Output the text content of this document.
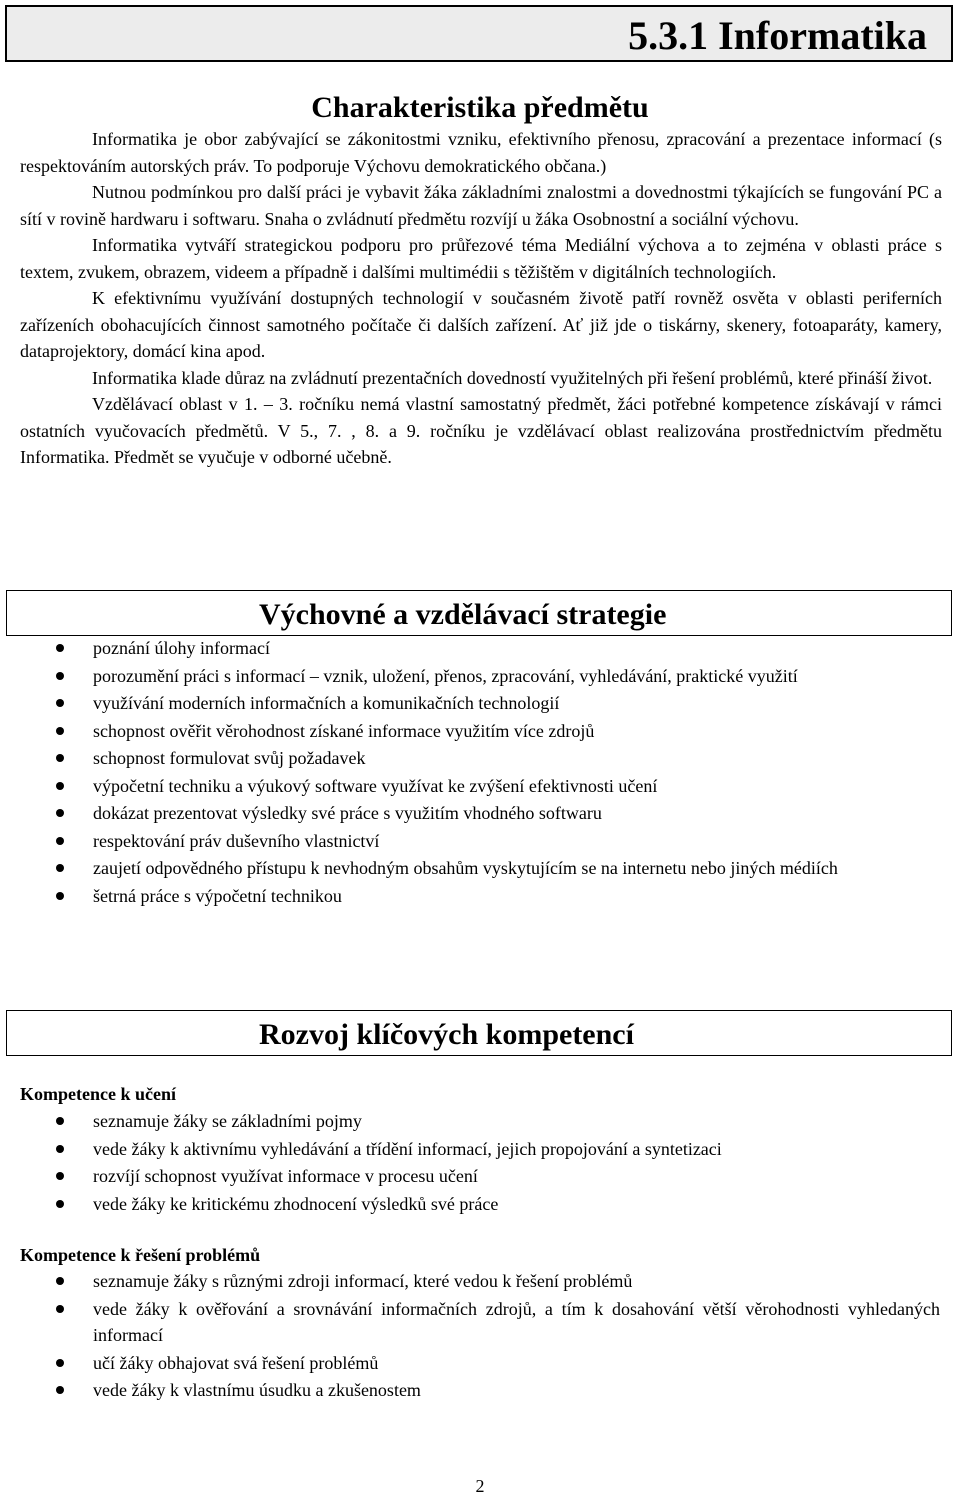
5.3.1 Informatika
Charakteristika předmětu

Informatika je obor zabývající se zákonitostmi vzniku, efektivního přenosu, zpracování a prezentace informací (s respektováním autorských práv. To podporuje Výchovu demokratického občana.)

Nutnou podmínkou pro další práci je vybavit žáka základními znalostmi a dovednostmi týkajících se fungování PC a sítí v rovině hardwaru i softwaru. Snaha o zvládnutí předmětu rozvíjí u žáka Osobnostní a sociální výchovu.

Informatika vytváří strategickou podporu pro průřezové téma Mediální výchova a to zejména v oblasti práce s textem, zvukem, obrazem, videem a případně i dalšími multimédii s těžištěm v digitálních technologiích.

K efektivnímu využívání dostupných technologií v současném životě patří rovněž osvěta v oblasti periferních zařízeních obohacujících činnost samotného počítače či dalších zařízení. Ať již jde o tiskárny, skenery, fotoaparáty, kamery, dataprojektory, domácí kina apod.

Informatika klade důraz na zvládnutí prezentačních dovedností využitelných při řešení problémů, které přináší život.

Vzdělávací oblast v 1. – 3. ročníku nemá vlastní samostatný předmět, žáci potřebné kompetence získávají v rámci ostatních vyučovacích předmětů. V 5., 7. , 8. a 9. ročníku je vzdělávací oblast realizována prostřednictvím předmětu Informatika. Předmět se vyučuje v odborné učebně.

Výchovné a vzdělávací strategie
poznání úlohy informací
porozumění práci s informací – vznik, uložení, přenos, zpracování, vyhledávání, praktické využití
využívání moderních informačních a komunikačních technologií
schopnost ověřit věrohodnost získané informace využitím více zdrojů
schopnost formulovat svůj požadavek
výpočetní techniku a výukový software využívat ke zvýšení efektivnosti učení
dokázat prezentovat výsledky své práce s využitím vhodného softwaru
respektování práv duševního vlastnictví
zaujetí odpovědného přístupu k nevhodným obsahům vyskytujícím se na internetu nebo jiných médiích
šetrná práce s výpočetní technikou
Rozvoj klíčových kompetencí
Kompetence k učení
seznamuje žáky se základními pojmy
vede žáky k aktivnímu vyhledávání a třídění informací, jejich propojování a syntetizaci
rozvíjí schopnost využívat informace v procesu učení
vede žáky ke kritickému zhodnocení výsledků své práce
Kompetence k řešení problémů
seznamuje žáky s různými zdroji informací, které vedou k řešení problémů
vede žáky k ověřování a srovnávání informačních zdrojů, a tím k dosahování větší věrohodnosti vyhledaných informací
učí žáky obhajovat svá řešení problémů
vede žáky k vlastnímu úsudku a zkušenostem
2
